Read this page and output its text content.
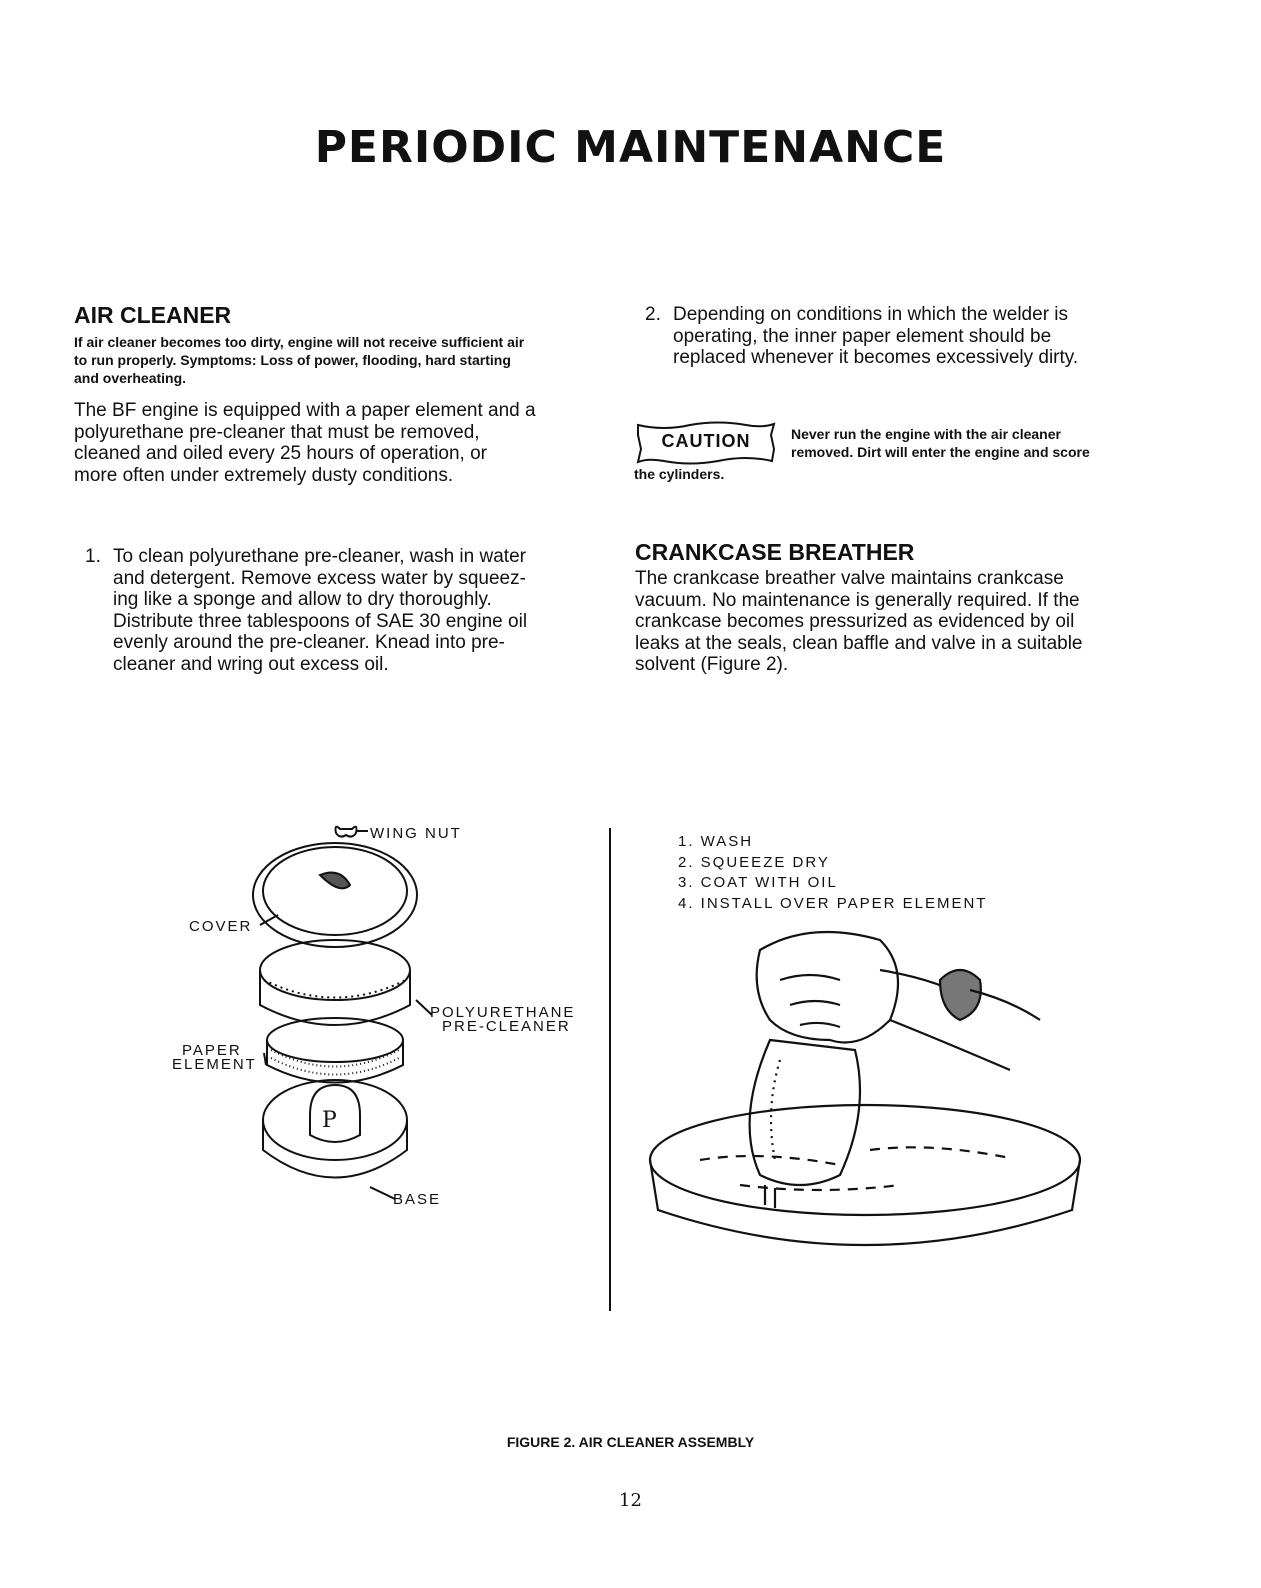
PERIODIC MAINTENANCE
AIR CLEANER
If air cleaner becomes too dirty, engine will not receive sufficient air
to run properly. Symptoms: Loss of power, flooding, hard starting
and overheating.
The BF engine is equipped with a paper element and a
polyurethane pre-cleaner that must be removed,
cleaned and oiled every 25 hours of operation, or
more often under extremely dusty conditions.
1. To clean polyurethane pre-cleaner, wash in water
and detergent. Remove excess water by squeez-
ing like a sponge and allow to dry thoroughly.
Distribute three tablespoons of SAE 30 engine oil
evenly around the pre-cleaner. Knead into pre-
cleaner and wring out excess oil.
2. Depending on conditions in which the welder is
operating, the inner paper element should be
replaced whenever it becomes excessively dirty.
CAUTION	Never run the engine with the air cleaner
removed. Dirt will enter the engine and score
the cylinders.
CRANKCASE BREATHER
The crankcase breather valve maintains crankcase
vacuum. No maintenance is generally required. If the
crankcase becomes pressurized as evidenced by oil
leaks at the seals, clean baffle and valve in a suitable
solvent (Figure 2).
P
WING NUT
COVER
POLYURETHANE
PRE-CLEANER
PAPER
ELEMENT
BASE
1. WASH
2. SQUEEZE DRY
3. COAT WITH OIL
4. INSTALL OVER PAPER ELEMENT
FIGURE 2. AIR CLEANER ASSEMBLY
12
